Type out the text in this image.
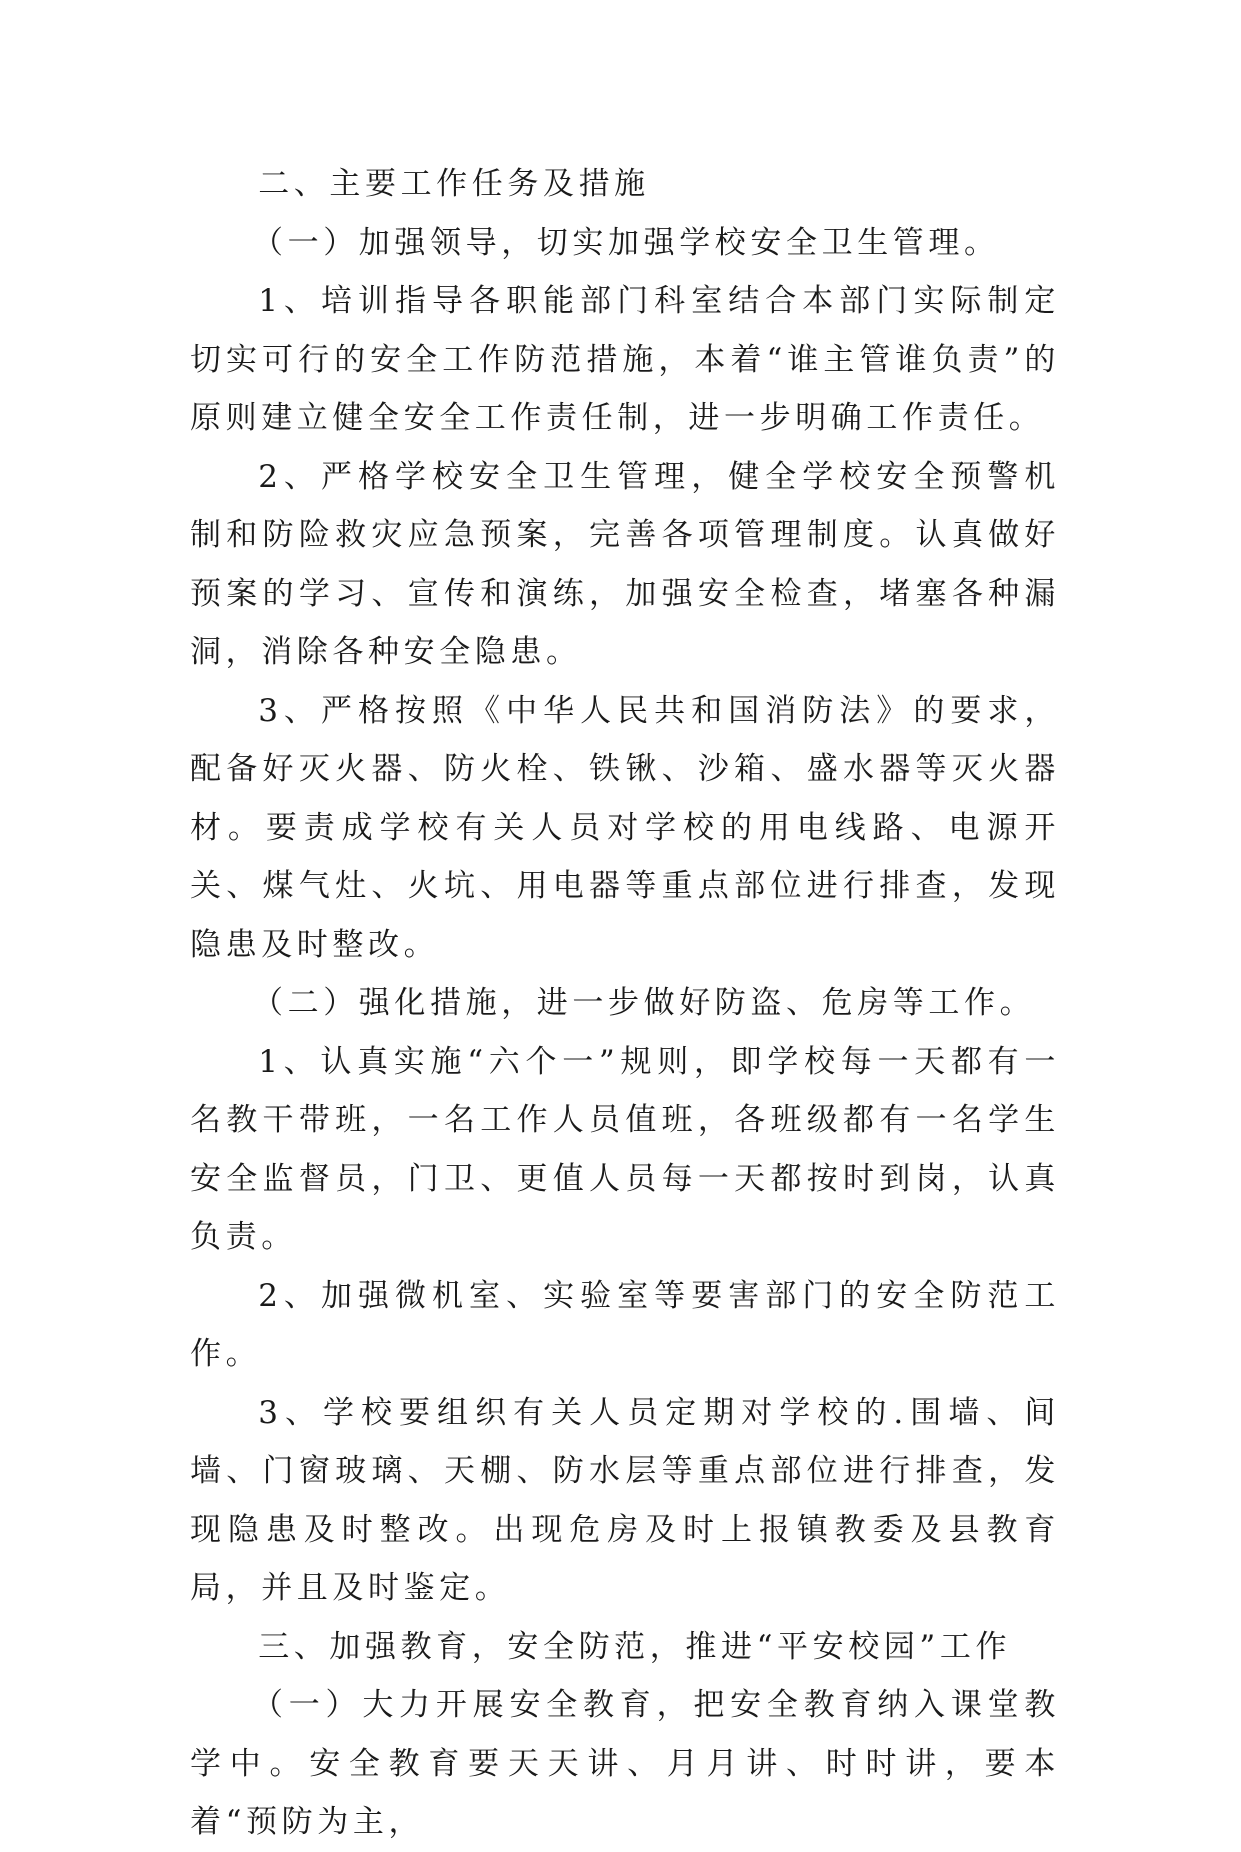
二、主要工作任务及措施

（一）加强领导，切实加强学校安全卫生管理。

1、培训指导各职能部门科室结合本部门实际制定切实可行的安全工作防范措施，本着“谁主管谁负责”的原则建立健全安全工作责任制，进一步明确工作责任。

2、严格学校安全卫生管理，健全学校安全预警机制和防险救灾应急预案，完善各项管理制度。认真做好预案的学习、宣传和演练，加强安全检查，堵塞各种漏洞，消除各种安全隐患。

3、严格按照《中华人民共和国消防法》的要求，配备好灭火器、防火栓、铁锹、沙箱、盛水器等灭火器材。要责成学校有关人员对学校的用电线路、电源开关、煤气灶、火坑、用电器等重点部位进行排查，发现隐患及时整改。

（二）强化措施，进一步做好防盗、危房等工作。

1、认真实施“六个一”规则，即学校每一天都有一名教干带班，一名工作人员值班，各班级都有一名学生安全监督员，门卫、更值人员每一天都按时到岗，认真负责。

2、加强微机室、实验室等要害部门的安全防范工作。

3、学校要组织有关人员定期对学校的.围墙、间墙、门窗玻璃、天棚、防水层等重点部位进行排查，发现隐患及时整改。出现危房及时上报镇教委及县教育局，并且及时鉴定。

三、加强教育，安全防范，推进“平安校园”工作

（一）大力开展安全教育，把安全教育纳入课堂教学中。安全教育要天天讲、月月讲、时时讲，要本着“预防为主，
